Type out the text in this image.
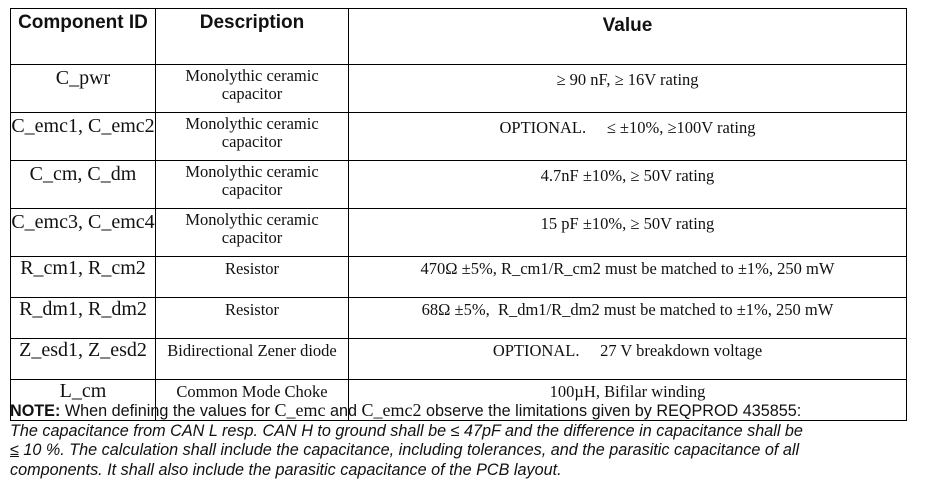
Component ID	Description	Value
C_pwr	Monolythic ceramic capacitor	≥ 90 nF, ≥ 16V rating
C_emc1, C_emc2	Monolythic ceramic capacitor	OPTIONAL.     ≤ ±10%, ≥100V rating
C_cm, C_dm	Monolythic ceramic capacitor	4.7nF ±10%, ≥ 50V rating
C_emc3, C_emc4	Monolythic ceramic capacitor	15 pF ±10%, ≥ 50V rating
R_cm1, R_cm2	Resistor	470Ω ±5%, R_cm1/R_cm2 must be matched to ±1%, 250 mW
R_dm1, R_dm2	Resistor	68Ω ±5%,  R_dm1/R_dm2 must be matched to ±1%, 250 mW
Z_esd1, Z_esd2	Bidirectional Zener diode	OPTIONAL.     27 V breakdown voltage
L_cm	Common Mode Choke	100µH, Bifilar winding
NOTE: When defining the values for C_emc and C_emc2 observe the limitations given by REQPROD 435855:
The capacitance from CAN L resp. CAN H to ground shall be ≤ 47pF and the difference in capacitance shall be
≤ 10 %. The calculation shall include the capacitance, including tolerances, and the parasitic capacitance of all
components. It shall also include the parasitic capacitance of the PCB layout.
